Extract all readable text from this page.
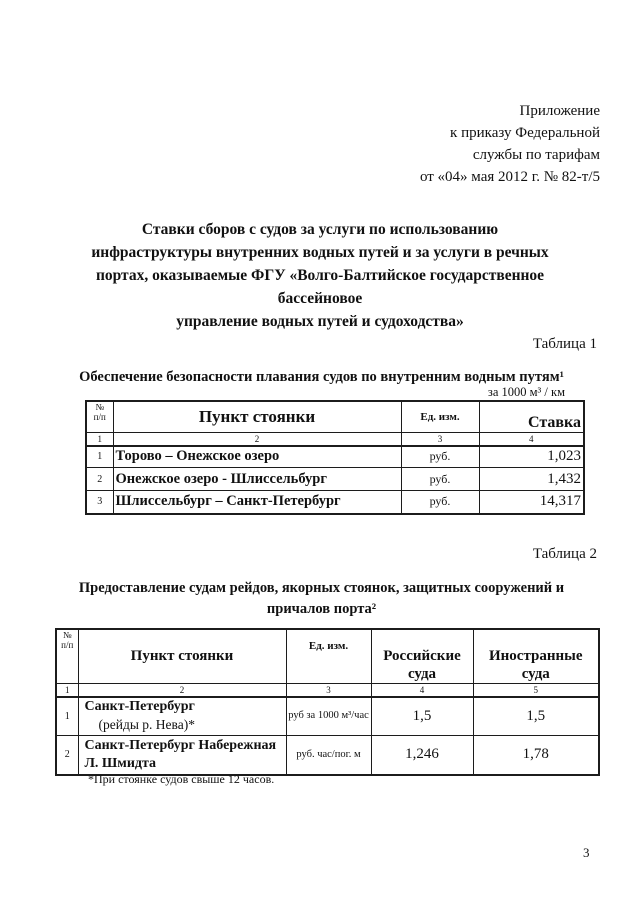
Приложение
к приказу Федеральной
службы по тарифам
от «04» мая 2012 г. № 82-т/5
Ставки сборов с судов за услуги по использованию
инфраструктуры внутренних водных путей и за услуги в речных
портах, оказываемые ФГУ «Волго-Балтийское государственное
бассейновое
управление водных путей и судоходства»
Таблица 1
Обеспечение безопасности плавания судов по внутренним водным путям¹
за 1000 м³ / км
№
п/п	Пункт стоянки	Ед. изм.	Ставка
1	2	3	4
1	Торово – Онежское озеро	руб.	1,023
2	Онежское озеро - Шлиссельбург	руб.	1,432
3	Шлиссельбург – Санкт-Петербург	руб.	14,317
Таблица 2
Предоставление судам рейдов, якорных стоянок, защитных сооружений и
причалов порта²
№
п/п	Пункт стоянки	Ед. изм.	Российские суда	Иностранные суда
1	2	3	4	5
1	Санкт-Петербург
(рейды р. Нева)*	руб за 1000 м³/час	1,5	1,5
2	Санкт-Петербург Набережная Л. Шмидта	руб. час/пог. м	1,246	1,78
*При стоянке судов свыше 12 часов.
3
